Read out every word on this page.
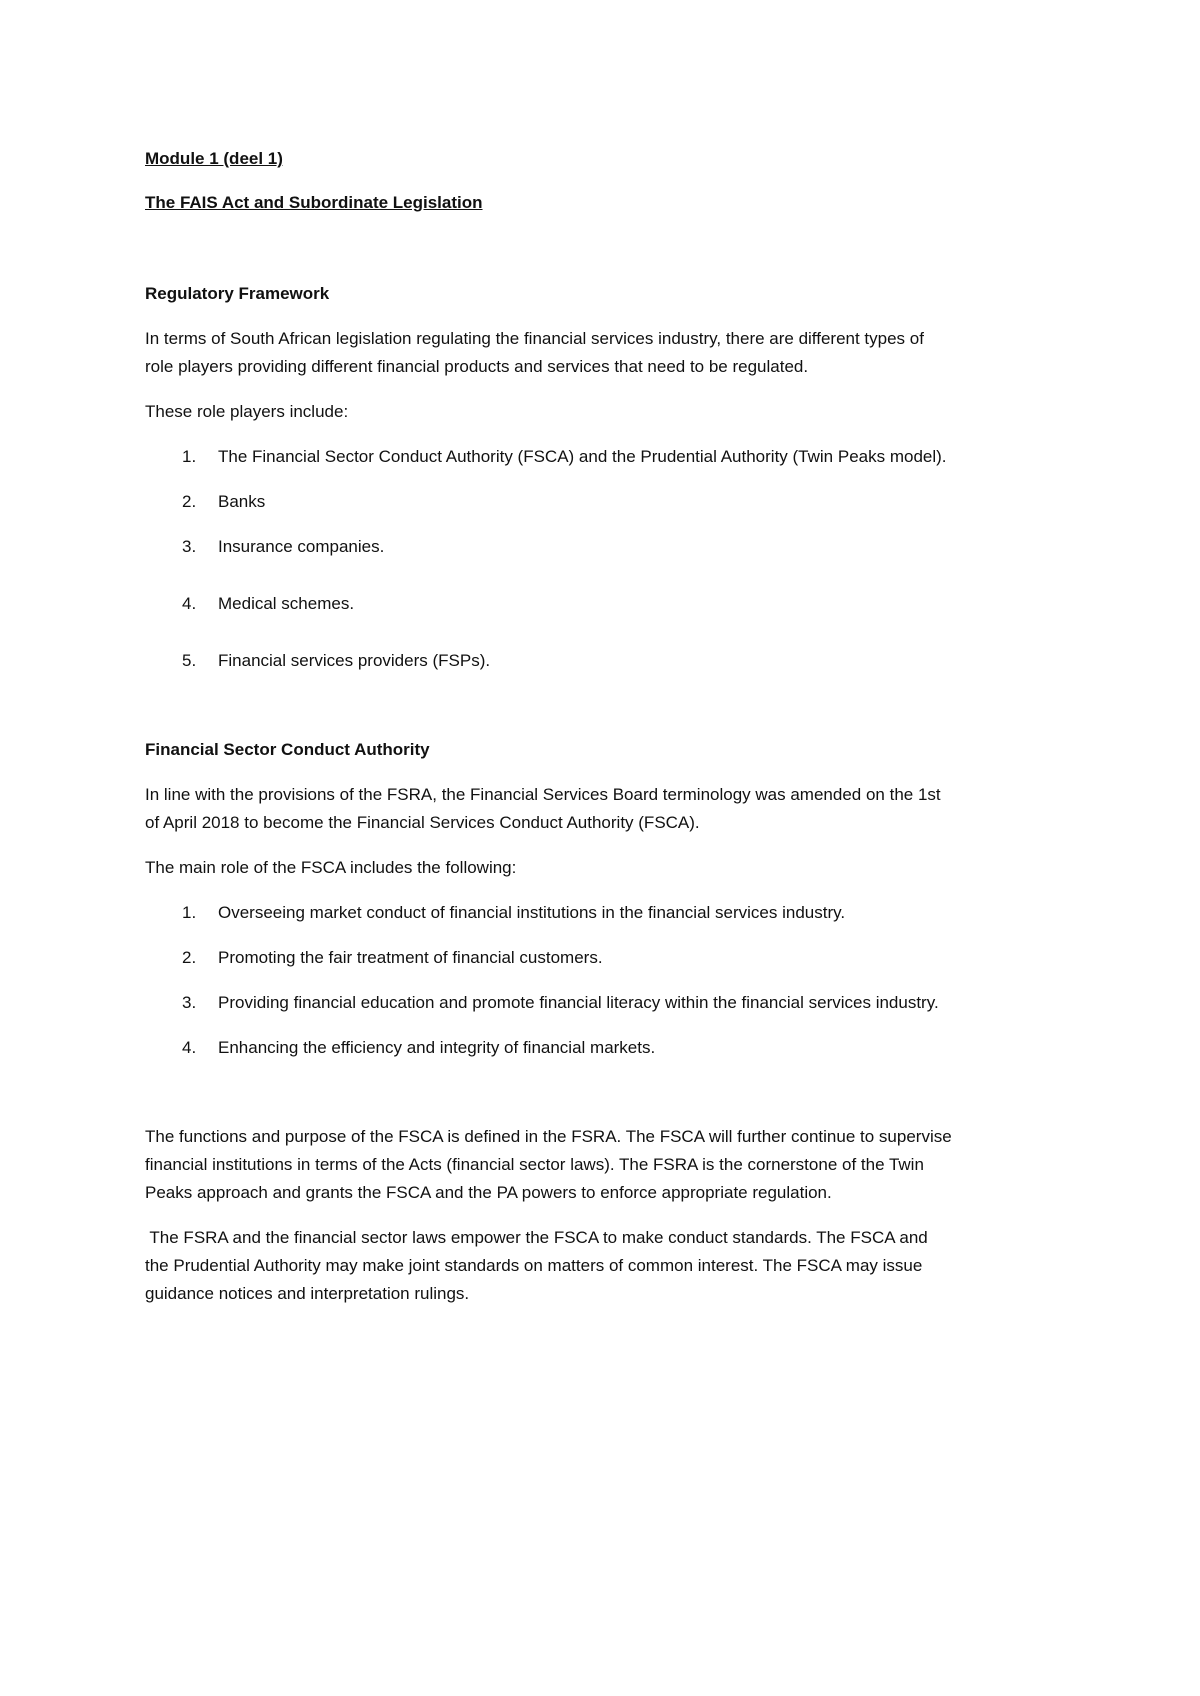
Module 1 (deel 1)
The FAIS Act and Subordinate Legislation
Regulatory Framework
In terms of South African legislation regulating the financial services industry, there are different types of
role players providing different financial products and services that need to be regulated.
These role players include:
1. The Financial Sector Conduct Authority (FSCA) and the Prudential Authority (Twin Peaks model).
2. Banks
3. Insurance companies.
4. Medical schemes.
5. Financial services providers (FSPs).
Financial Sector Conduct Authority
In line with the provisions of the FSRA, the Financial Services Board terminology was amended on the 1st
of April 2018 to become the Financial Services Conduct Authority (FSCA).
The main role of the FSCA includes the following:
1. Overseeing market conduct of financial institutions in the financial services industry.
2. Promoting the fair treatment of financial customers.
3. Providing financial education and promote financial literacy within the financial services industry.
4. Enhancing the efficiency and integrity of financial markets.
The functions and purpose of the FSCA is defined in the FSRA. The FSCA will further continue to supervise
financial institutions in terms of the Acts (financial sector laws). The FSRA is the cornerstone of the Twin
Peaks approach and grants the FSCA and the PA powers to enforce appropriate regulation.
The FSRA and the financial sector laws empower the FSCA to make conduct standards. The FSCA and
the Prudential Authority may make joint standards on matters of common interest. The FSCA may issue
guidance notices and interpretation rulings.
